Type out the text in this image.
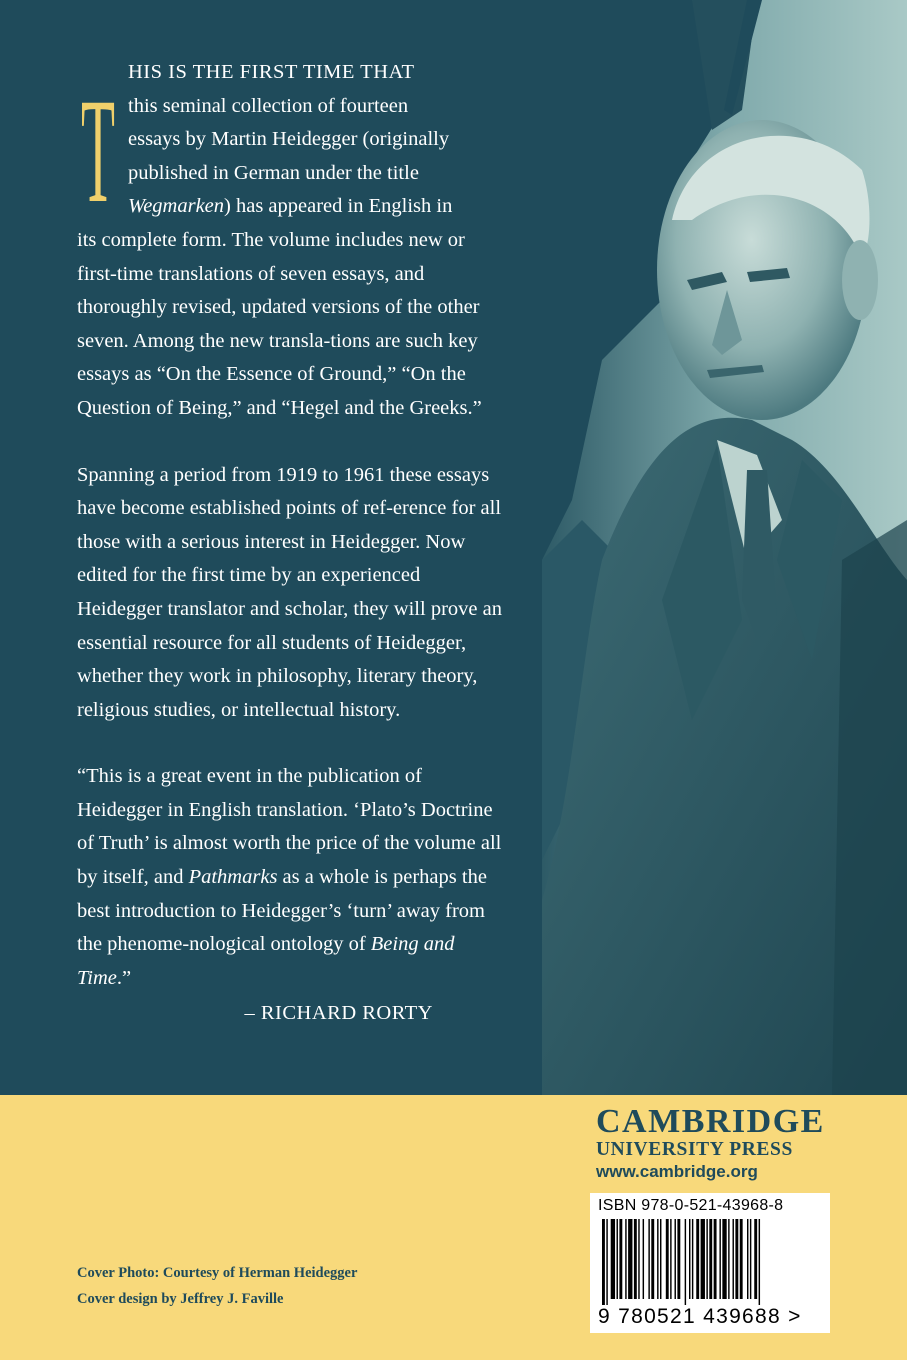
T HIS IS THE FIRST TIME THAT
this seminal collection of fourteen
essays by Martin Heidegger (originally
published in German under the title
Wegmarken) has appeared in English in
its complete form. The volume includes new or first-time translations of seven essays, and thoroughly revised, updated versions of the other seven. Among the new transla-tions are such key essays as “On the Essence of Ground,” “On the Question of Being,” and “Hegel and the Greeks.”

Spanning a period from 1919 to 1961 these essays have become established points of ref-erence for all those with a serious interest in Heidegger. Now edited for the first time by an experienced Heidegger translator and scholar, they will prove an essential resource for all students of Heidegger, whether they work in philosophy, literary theory, religious studies, or intellectual history.

“This is a great event in the publication of Heidegger in English translation. ‘Plato’s Doctrine of Truth’ is almost worth the price of the volume all by itself, and Pathmarks as a whole is perhaps the best introduction to Heidegger’s ‘turn’ away from the phenome-nological ontology of Being and Time.”

– RICHARD RORTY

CAMBRIDGE
UNIVERSITY PRESS
www.cambridge.org
ISBN 978-0-521-43968-8
9 780521 439688 >
Cover Photo: Courtesy of Herman Heidegger
Cover design by Jeffrey J. Faville
